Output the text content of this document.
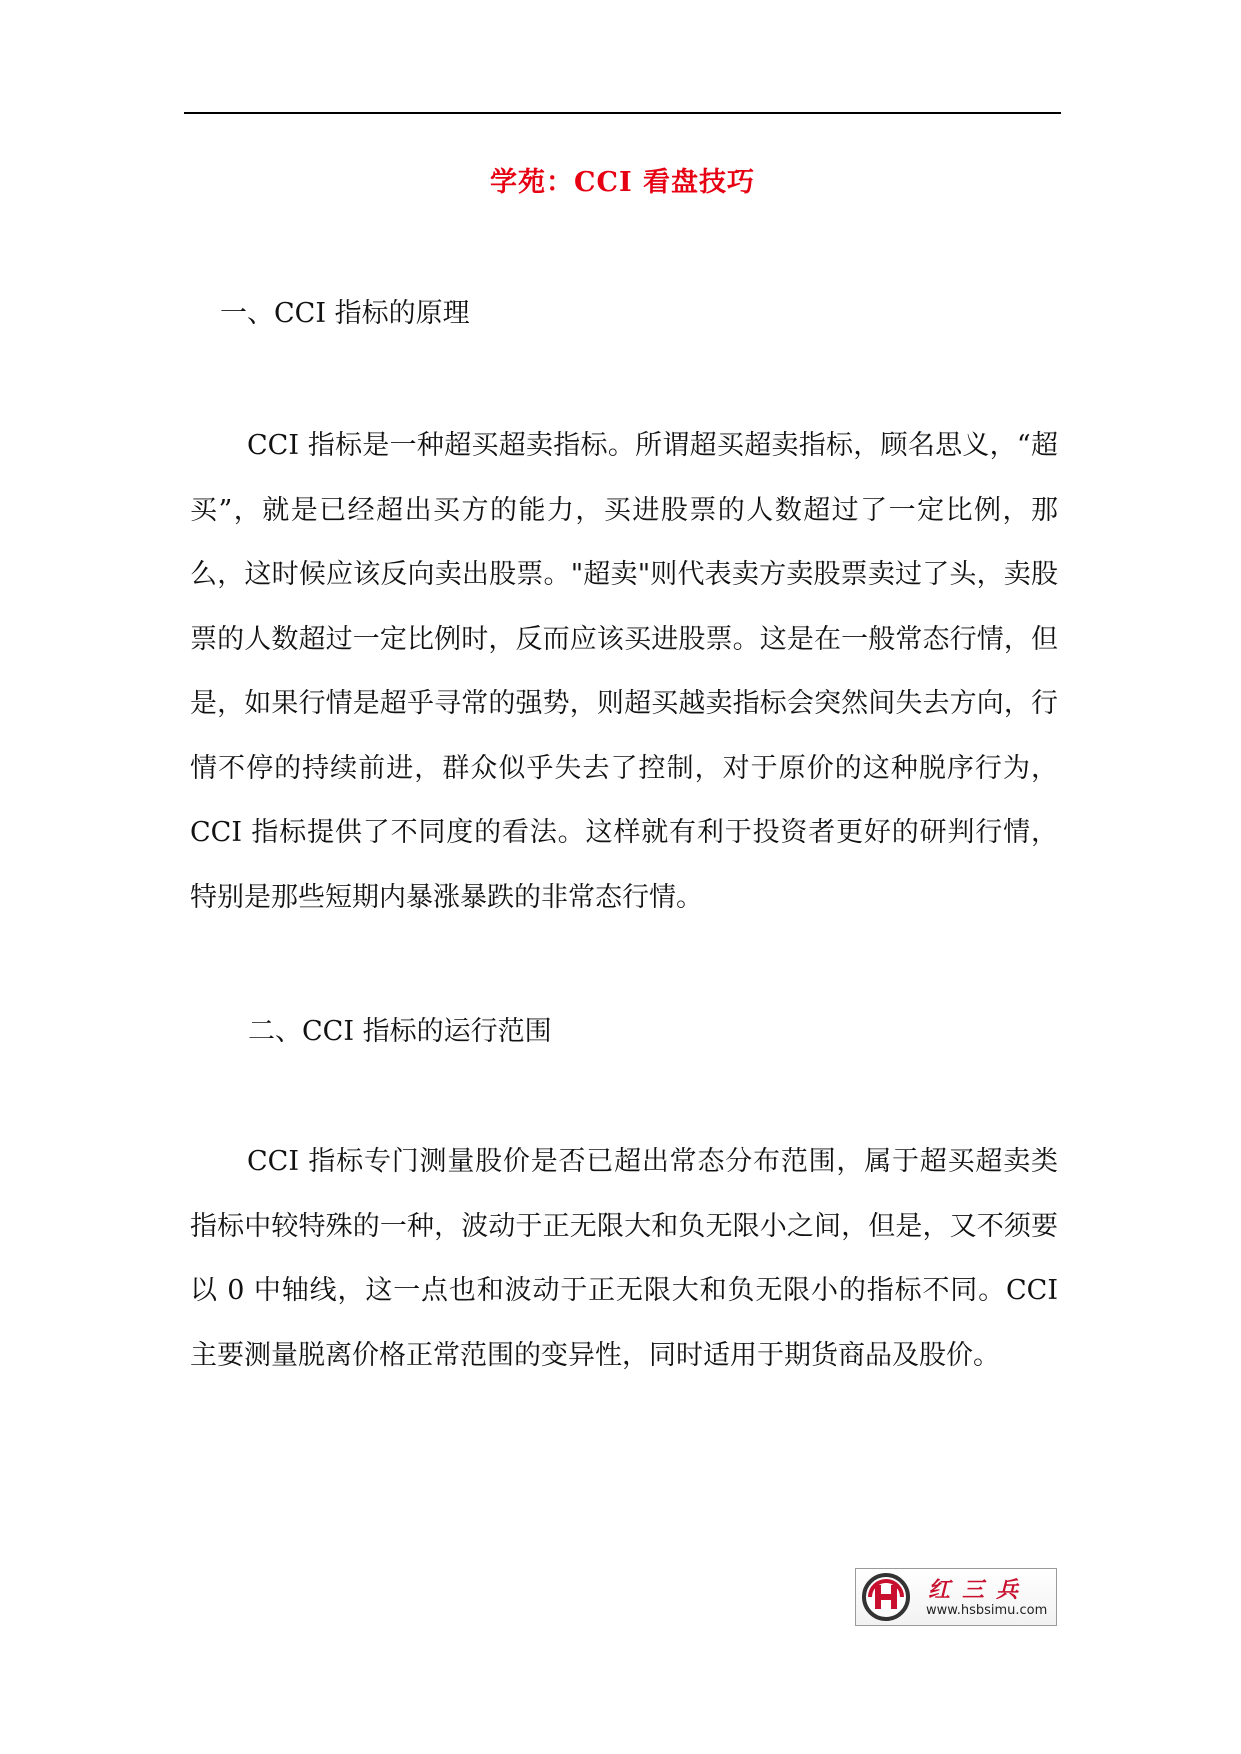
学苑：CCI 看盘技巧

一、CCI 指标的原理

CCI 指标是一种超买超卖指标。所谓超买超卖指标，顾名思义，“超买”，就是已经超出买方的能力，买进股票的人数超过了一定比例，那么，这时候应该反向卖出股票。"超卖"则代表卖方卖股票卖过了头，卖股票的人数超过一定比例时，反而应该买进股票。这是在一般常态行情，但是，如果行情是超乎寻常的强势，则超买越卖指标会突然间失去方向，行情不停的持续前进，群众似乎失去了控制，对于原价的这种脱序行为，CCI 指标提供了不同度的看法。这样就有利于投资者更好的研判行情，特别是那些短期内暴涨暴跌的非常态行情。

二、CCI 指标的运行范围

CCI 指标专门测量股价是否已超出常态分布范围，属于超买超卖类指标中较特殊的一种，波动于正无限大和负无限小之间，但是，又不须要以 0 中轴线，这一点也和波动于正无限大和负无限小的指标不同。CCI 主要测量脱离价格正常范围的变异性，同时适用于期货商品及股价。

红三兵
www.hsbsimu.com
